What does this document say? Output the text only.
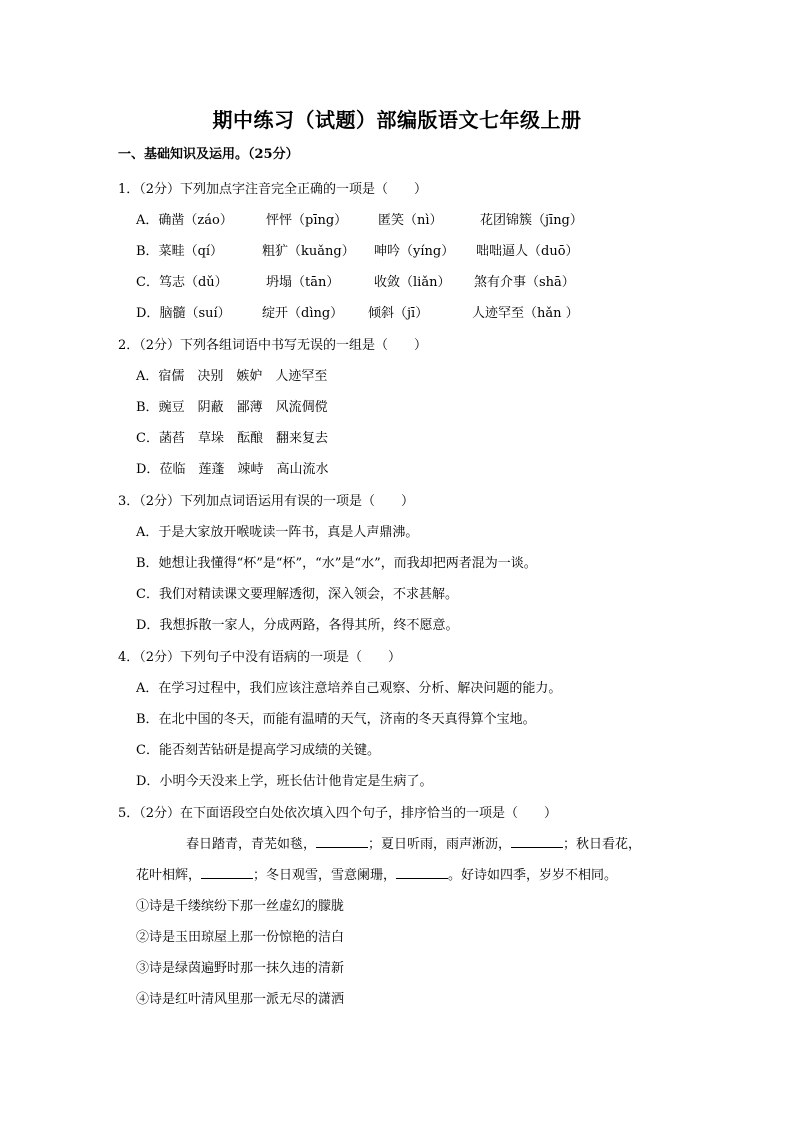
期中练习（试题）部编版语文七年级上册
一、基础知识及运用。（25分）
1．（2分）下列加点字注音完全正确的一项是（　　）
A．确凿（záo）	怦怦（pīng） 匿笑（nì）	花团锦簇（jīng）
B．菜畦（qí）	粗犷（kuǎng） 呻吟（yíng） 咄咄逼人（duō）
C．笃志（dǔ）	坍塌（tān）	收敛（liǎn） 煞有介事（shā）
D．脑髓（suí） 绽开（dìng） 倾斜（jī）	人迹罕至（hǎn ）
2．（2分）下列各组词语中书写无误的一组是（　　）
A．宿儒　决别　嫉妒　人迹罕至
B．豌豆　阴蔽　鄙薄　风流倜傥
C．菡萏　草垛　酝酿　翻来复去
D．莅临　莲蓬　竦峙　高山流水
3．（2分）下列加点词语运用有误的一项是（　　）
A．于是大家放开喉咙读一阵书，真是人声鼎沸。
B．她想让我懂得“杯”是“杯”，“水”是“水”，而我却把两者混为一谈。
C．我们对精读课文要理解透彻，深入领会，不求甚解。
D．我想拆散一家人，分成两路，各得其所，终不愿意。
4．（2分）下列句子中没有语病的一项是（　　）
A．在学习过程中，我们应该注意培养自己观察、分析、解决问题的能力。
B．在北中国的冬天，而能有温晴的天气，济南的冬天真得算个宝地。
C．能否刻苦钻研是提高学习成绩的关键。
D．小明今天没来上学，班长估计他肯定是生病了。
5．（2分）在下面语段空白处依次填入四个句子，排序恰当的一项是（　　）
春日踏青，青芜如毯，	；夏日听雨，雨声淅沥，	；秋日看花，
花叶相辉，	；冬日观雪，雪意阑珊，	。好诗如四季，岁岁不相同。
①诗是千缕缤纷下那一丝虚幻的朦胧
②诗是玉田琼屋上那一份惊艳的洁白
③诗是绿茵遍野时那一抹久违的清新
④诗是红叶清风里那一派无尽的潇洒
